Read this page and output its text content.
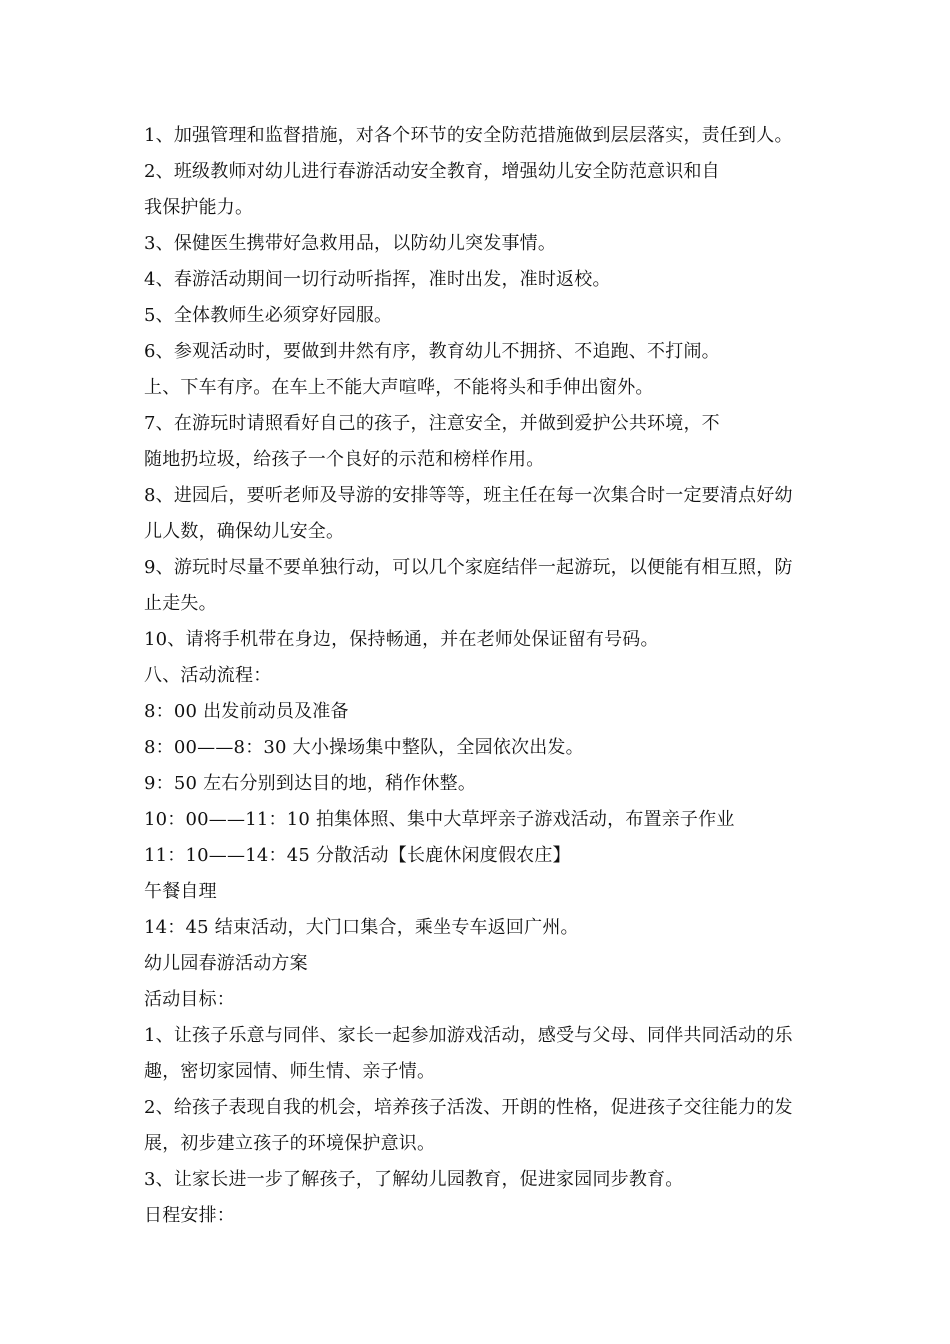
1、加强管理和监督措施，对各个环节的安全防范措施做到层层落实，责任到人。
2、班级教师对幼儿进行春游活动安全教育，增强幼儿安全防范意识和自
我保护能力。
3、保健医生携带好急救用品，以防幼儿突发事情。
4、春游活动期间一切行动听指挥，准时出发，准时返校。
5、全体教师生必须穿好园服。
6、参观活动时，要做到井然有序，教育幼儿不拥挤、不追跑、不打闹。
上、下车有序。在车上不能大声喧哗，不能将头和手伸出窗外。
7、在游玩时请照看好自己的孩子，注意安全，并做到爱护公共环境，不
随地扔垃圾，给孩子一个良好的示范和榜样作用。
8、进园后，要听老师及导游的安排等等，班主任在每一次集合时一定要清点好幼
儿人数，确保幼儿安全。
9、游玩时尽量不要单独行动，可以几个家庭结伴一起游玩，以便能有相互照，防
止走失。
10、请将手机带在身边，保持畅通，并在老师处保证留有号码。
八、活动流程：
8：00 出发前动员及准备
8：00——8：30 大小操场集中整队，全园依次出发。
9：50 左右分别到达目的地，稍作休整。
10：00——11：10 拍集体照、集中大草坪亲子游戏活动，布置亲子作业
11：10——14：45 分散活动【长鹿休闲度假农庄】
午餐自理
14：45 结束活动，大门口集合，乘坐专车返回广州。
幼儿园春游活动方案
活动目标：
1、让孩子乐意与同伴、家长一起参加游戏活动，感受与父母、同伴共同活动的乐
趣，密切家园情、师生情、亲子情。
2、给孩子表现自我的机会，培养孩子活泼、开朗的性格，促进孩子交往能力的发
展，初步建立孩子的环境保护意识。
3、让家长进一步了解孩子，了解幼儿园教育，促进家园同步教育。
日程安排：
